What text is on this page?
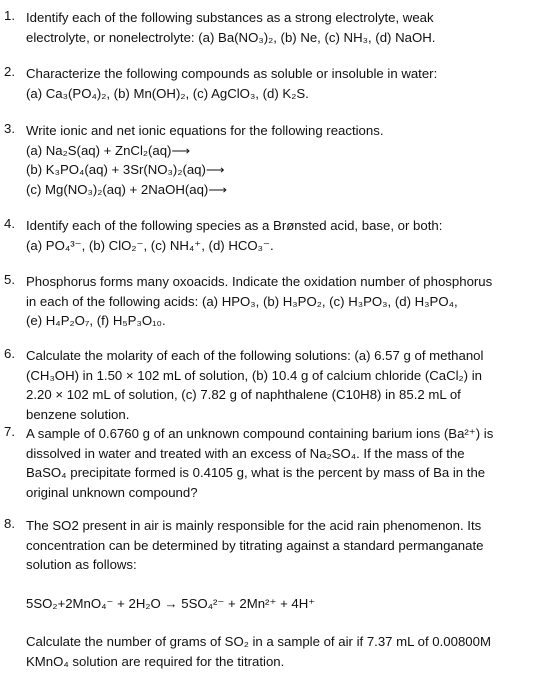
1. Identify each of the following substances as a strong electrolyte, weak
electrolyte, or nonelectrolyte: (a) Ba(NO₃)₂, (b) Ne, (c) NH₃, (d) NaOH.
2. Characterize the following compounds as soluble or insoluble in water:
(a) Ca₃(PO₄)₂, (b) Mn(OH)₂, (c) AgClO₃, (d) K₂S.
3. Write ionic and net ionic equations for the following reactions.
(a) Na₂S(aq) + ZnCl₂(aq)⟶
(b) K₃PO₄(aq) + 3Sr(NO₃)₂(aq)⟶
(c) Mg(NO₃)₂(aq) + 2NaOH(aq)⟶
4. Identify each of the following species as a Brønsted acid, base, or both:
(a) PO₄³⁻, (b) ClO₂⁻, (c) NH₄⁺, (d) HCO₃⁻.
5. Phosphorus forms many oxoacids. Indicate the oxidation number of phosphorus
in each of the following acids: (a) HPO₃, (b) H₃PO₂, (c) H₃PO₃, (d) H₃PO₄,
(e) H₄P₂O₇, (f) H₅P₃O₁₀.
6. Calculate the molarity of each of the following solutions: (a) 6.57 g of methanol
(CH₃OH) in 1.50 × 102 mL of solution, (b) 10.4 g of calcium chloride (CaCl₂) in
2.20 × 102 mL of solution, (c) 7.82 g of naphthalene (C10H8) in 85.2 mL of
benzene solution.
7. A sample of 0.6760 g of an unknown compound containing barium ions (Ba²⁺) is
dissolved in water and treated with an excess of Na₂SO₄. If the mass of the
BaSO₄ precipitate formed is 0.4105 g, what is the percent by mass of Ba in the
original unknown compound?
8. The SO2 present in air is mainly responsible for the acid rain phenomenon. Its
concentration can be determined by titrating against a standard permanganate
solution as follows:
5SO₂+2MnO₄⁻ + 2H₂O → 5SO₄²⁻ + 2Mn²⁺ + 4H⁺
Calculate the number of grams of SO₂ in a sample of air if 7.37 mL of 0.00800M
KMnO₄ solution are required for the titration.
